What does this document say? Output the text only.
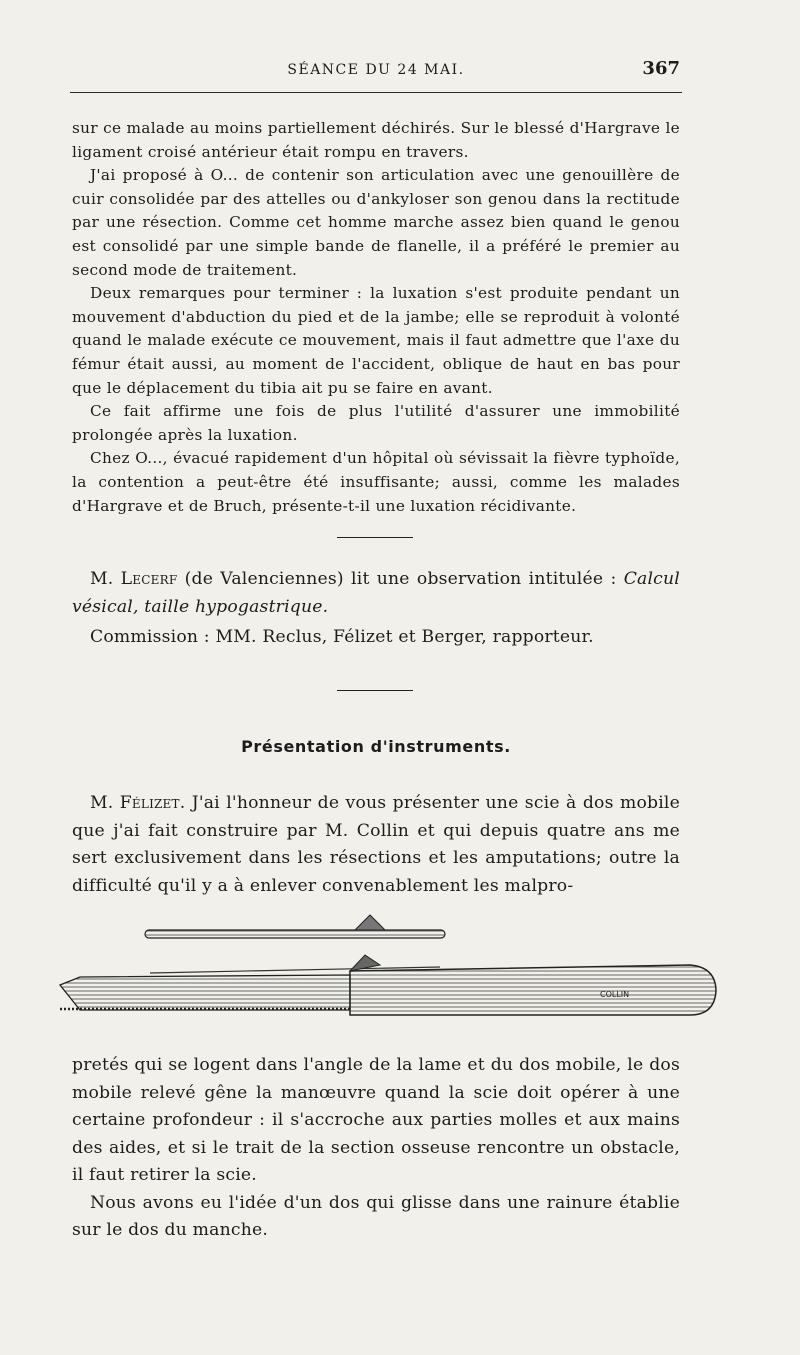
SÉANCE DU 24 MAI.	367

sur ce malade au moins partiellement déchirés. Sur le blessé d'Hargrave le ligament croisé antérieur était rompu en travers.

J'ai proposé à O... de contenir son articulation avec une genouillère de cuir consolidée par des attelles ou d'ankyloser son genou dans la rectitude par une résection. Comme cet homme marche assez bien quand le genou est consolidé par une simple bande de flanelle, il a préféré le premier au second mode de traitement.

Deux remarques pour terminer : la luxation s'est produite pendant un mouvement d'abduction du pied et de la jambe; elle se reproduit à volonté quand le malade exécute ce mouvement, mais il faut admettre que l'axe du fémur était aussi, au moment de l'accident, oblique de haut en bas pour que le déplacement du tibia ait pu se faire en avant.

Ce fait affirme une fois de plus l'utilité d'assurer une immobilité prolongée après la luxation.

Chez O..., évacué rapidement d'un hôpital où sévissait la fièvre typhoïde, la contention a peut-être été insuffisante; aussi, comme les malades d'Hargrave et de Bruch, présente-t-il une luxation récidivante.

M. Lecerf (de Valenciennes) lit une observation intitulée : Calcul vésical, taille hypogastrique.

Commission : MM. Reclus, Félizet et Berger, rapporteur.

Présentation d'instruments.

M. Félizet. J'ai l'honneur de vous présenter une scie à dos mobile que j'ai fait construire par M. Collin et qui depuis quatre ans me sert exclusivement dans les résections et les amputations; outre la difficulté qu'il y a à enlever convenablement les malpro-

COLLIN

pretés qui se logent dans l'angle de la lame et du dos mobile, le dos mobile relevé gêne la manœuvre quand la scie doit opérer à une certaine profondeur : il s'accroche aux parties molles et aux mains des aides, et si le trait de la section osseuse rencontre un obstacle, il faut retirer la scie.

Nous avons eu l'idée d'un dos qui glisse dans une rainure établie sur le dos du manche.
